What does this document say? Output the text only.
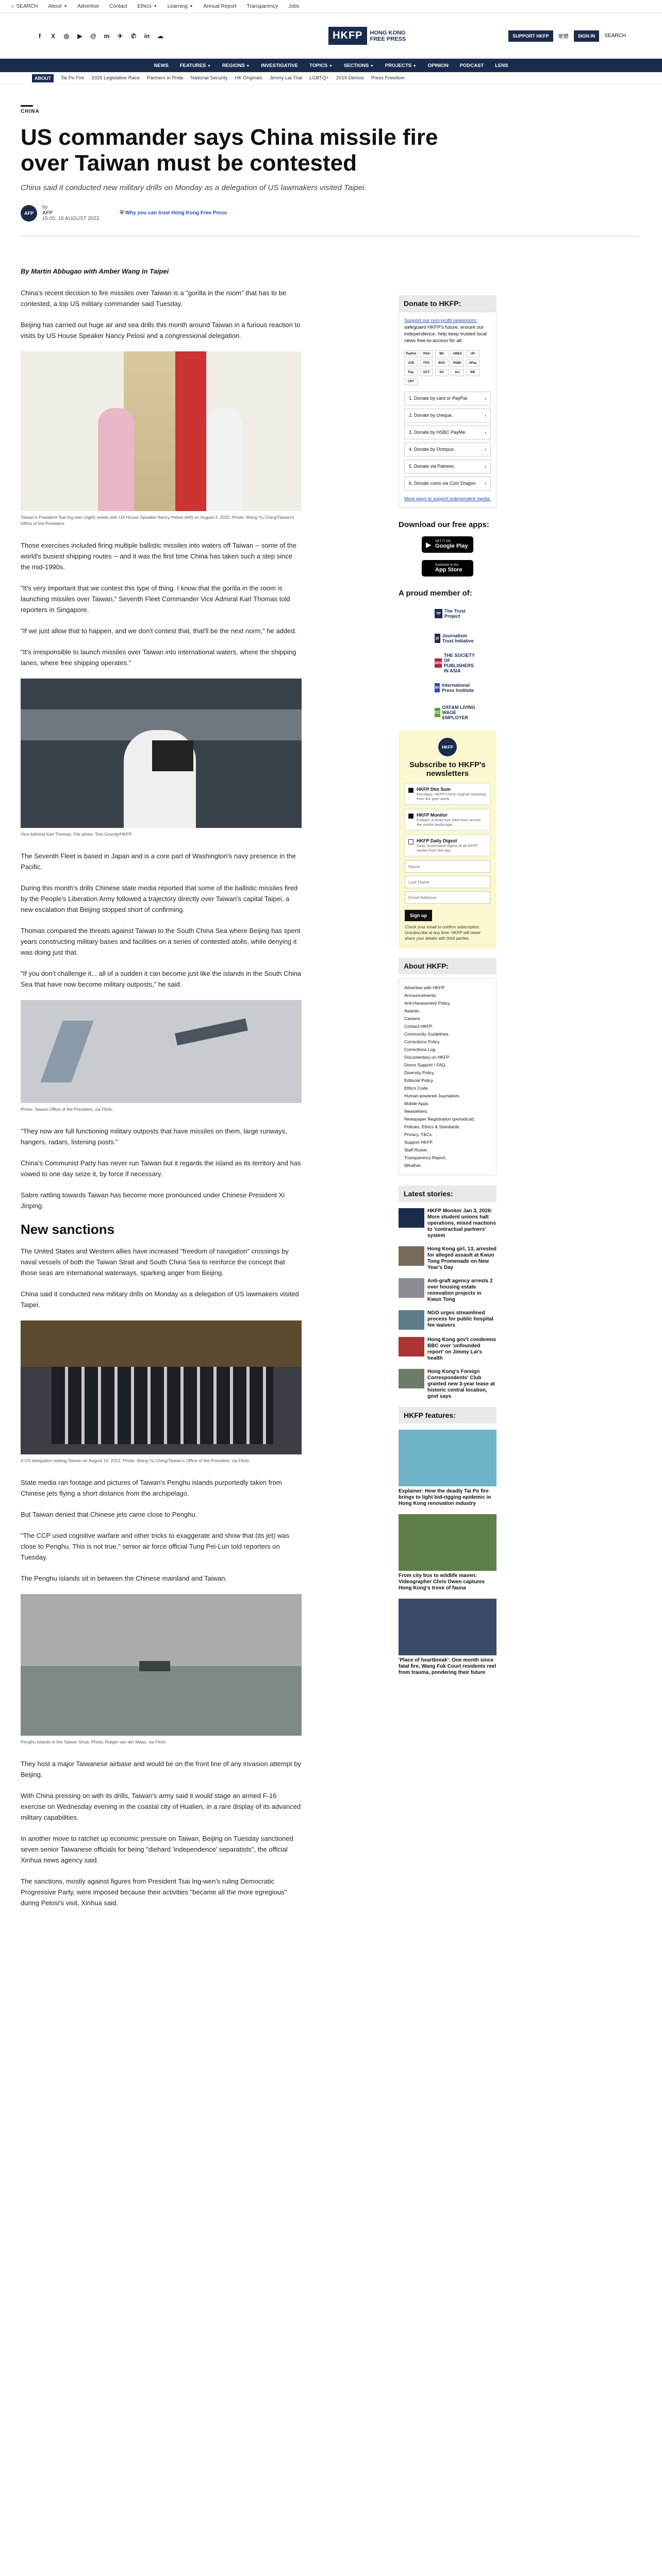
⌕ SEARCH About ▼ Advertise Contact Ethics ▼ Learning ▼ Annual Report Transparency Jobs
f	X ◎ ▶ @ m ✈ ✆ in ☁	HKFP	HONG KONG
FREE PRESS	SUPPORT HKFP	繁體	SIGN IN	SEARCH
NEWS FEATURES ▼ REGIONS ▼ INVESTIGATIVE TOPICS ▼ SECTIONS ▼ PROJECTS ▼ OPINION PODCAST LENS
ABOUT	Tai Po Fire 2025 Legislative Race Partners in Pride National Security HK Originals Jimmy Lai Trial LGBTQ+ 2019 Demos Press Freedom
CHINA
US commander says China missile fire over Taiwan must be contested
China said it conducted new military drills on Monday as a delegation of US lawmakers visited Taipei.
AFP
by
AFP
15:00, 16 AUGUST 2022
⛨ Why you can trust Hong Kong Free Press
By Martin Abbugao with Amber Wang in Taipei

China's recent decision to fire missiles over Taiwan is a "gorilla in the room" that has to be contested, a top US military commander said Tuesday.

Beijing has carried out huge air and sea drills this month around Taiwan in a furious reaction to visits by US House Speaker Nancy Pelosi and a congressional delegation.

Taiwan's President Tsai Ing-wen (right) meets with US House Speaker Nancy Pelosi (left) on August 3, 2022. Photo: Wang Yu Ching/Taiwan's Office of the President.

Those exercises included firing multiple ballistic missiles into waters off Taiwan -- some of the world's busiest shipping routes -- and it was the first time China has taken such a step since the mid-1990s.

"It's very important that we contest this type of thing. I know that the gorilla in the room is launching missiles over Taiwan," Seventh Fleet Commander Vice Admiral Karl Thomas told reporters in Singapore.

"If we just allow that to happen, and we don't contest that, that'll be the next norm," he added.

"It's irresponsible to launch missiles over Taiwan into international waters, where the shipping lanes, where free shipping operates."

Vice Admiral Karl Thomas. File photo: Tom Grundy/HKFP.

The Seventh Fleet is based in Japan and is a core part of Washington's navy presence in the Pacific.

During this month's drills Chinese state media reported that some of the ballistic missiles fired by the People's Liberation Army followed a trajectory directly over Taiwan's capital Taipei, a new escalation that Beijing stopped short of confirming.

Thomas compared the threats against Taiwan to the South China Sea where Beijing has spent years constructing military bases and facilities on a series of contested atolls, while denying it was doing just that.

"If you don't challenge it... all of a sudden it can become just like the islands in the South China Sea that have now become military outposts," he said.

Photo: Taiwan Office of the President, via Flickr.

"They now are full functioning military outposts that have missiles on them, large runways, hangers, radars, listening posts."

China's Communist Party has never run Taiwan but it regards the island as its territory and has vowed to one day seize it, by force if necessary.

Sabre rattling towards Taiwan has become more pronounced under Chinese President Xi Jinping.

New sanctions

The United States and Western allies have increased "freedom of navigation" crossings by naval vessels of both the Taiwan Strait and South China Sea to reinforce the concept that those seas are international waterways, sparking anger from Beijing.

China said it conducted new military drills on Monday as a delegation of US lawmakers visited Taipei.

A US delegation visiting Taiwan on August 15, 2022. Photo: Wang Yu Ching/Taiwan's Office of the President, via Flickr.

State media ran footage and pictures of Taiwan's Penghu islands purportedly taken from Chinese jets flying a short distance from the archipelago.

But Taiwan denied that Chinese jets came close to Penghu.

"The CCP used cognitive warfare and other tricks to exaggerate and show that (its jet) was close to Penghu. This is not true," senior air force official Tung Pei-Lun told reporters on Tuesday.

The Penghu islands sit in between the Chinese mainland and Taiwan.

Penghu islands in the Taiwan Strait. Photo: Rutger van der Maas, via Flickr.

They host a major Taiwanese airbase and would be on the front line of any invasion attempt by Beijing.

With China pressing on with its drills, Taiwan's army said it would stage an armed F-16 exercise on Wednesday evening in the coastal city of Hualien, in a rare display of its advanced military capabilities.

In another move to ratchet up economic pressure on Taiwan, Beijing on Tuesday sanctioned seven senior Taiwanese officials for being "diehard 'independence' separatists", the official Xinhua news agency said.

The sanctions, mostly against figures from President Tsai Ing-wen's ruling Democratic Progressive Party, were imposed because their activities "became all the more egregious" during Pelosi's visit, Xinhua said.

Donate to HKFP:
Support our non-profit newsroom: safeguard HKFP's future, ensure our independence, help keep trusted local news free-to-access for all.
PayPal	VISA	MC	AMEX	UP
JCB	FPS	BOC	HSBC	GPay
Pay	OCT	DC	ALI	WE
CRY
1. Donate by card or PayPal.	›
2. Donate by cheque.	›
3. Donate by HSBC PayMe.	›
4. Donate by Octopus.	›
5. Donate via Patreon.	›
6. Donate coins via Coin Dragon. ›
More ways to support independent media.
Download our free apps:
▶ GET IT ON
Google Play
Download on the
App Store
A proud member of:
TP The Trust Project
jti Journalism Trust Initiative
SPA
THE SOCIETY OF PUBLISHERS IN ASIA
IPI International Press Institute
OC
OXFAM LIVING WAGE EMPLOYER
HKFP
Subscribe to HKFP's newsletters
HKFP Dim Sum
Mondays: HKFP's best original reporting from the past week.
HKFP Monitor
Fridays: A birds-eye view from across the media landscape.
HKFP Daily Digest
Daily: Automated digest of all HKFP stories from the day.
Name Last Name Email Address Sign up
Check your email to confirm subscription. Unsubscribe at any time. HKFP will never share your details with third parties.
About HKFP:
Advertise with HKFP.
Announcements.
Anti-Harassment Policy.
Awards.
Careers.
Contact HKFP.
Community Guidelines.
Corrections Policy.
Corrections Log.
Documentary on HKFP.
Donor Support / FAQ.
Diversity Policy.
Editorial Policy.
Ethics Code.
Human-powered Journalism.
Mobile Apps.
Newsletters.
Newspaper Registration (periodical).
Policies, Ethics & Standards.
Privacy, T&Cs.
Support HKFP.
Staff Roster.
Transparency Report.
Weather.
Latest stories:
HKFP Monitor Jan 3, 2026: More student unions halt operations, mixed reactions to 'contractual partners' system
Hong Kong girl, 13, arrested for alleged assault at Kwun Tong Promenade on New Year's Day
Anti-graft agency arrests 2 over housing estate renovation projects in Kwun Tong
NGO urges streamlined process for public hospital fee waivers
Hong Kong gov't condemns BBC over 'unfounded report' on Jimmy Lai's health
Hong Kong's Foreign Correspondents' Club granted new 3-year lease at historic central location, govt says
HKFP features:
Explainer: How the deadly Tai Po fire brings to light bid-rigging epidemic in Hong Kong renovation industry
From city bus to wildlife maven: Videographer Chris Owen captures Hong Kong's trove of fauna
'Place of heartbreak': One month since fatal fire, Wang Fuk Court residents reel from trauma, pondering their future
